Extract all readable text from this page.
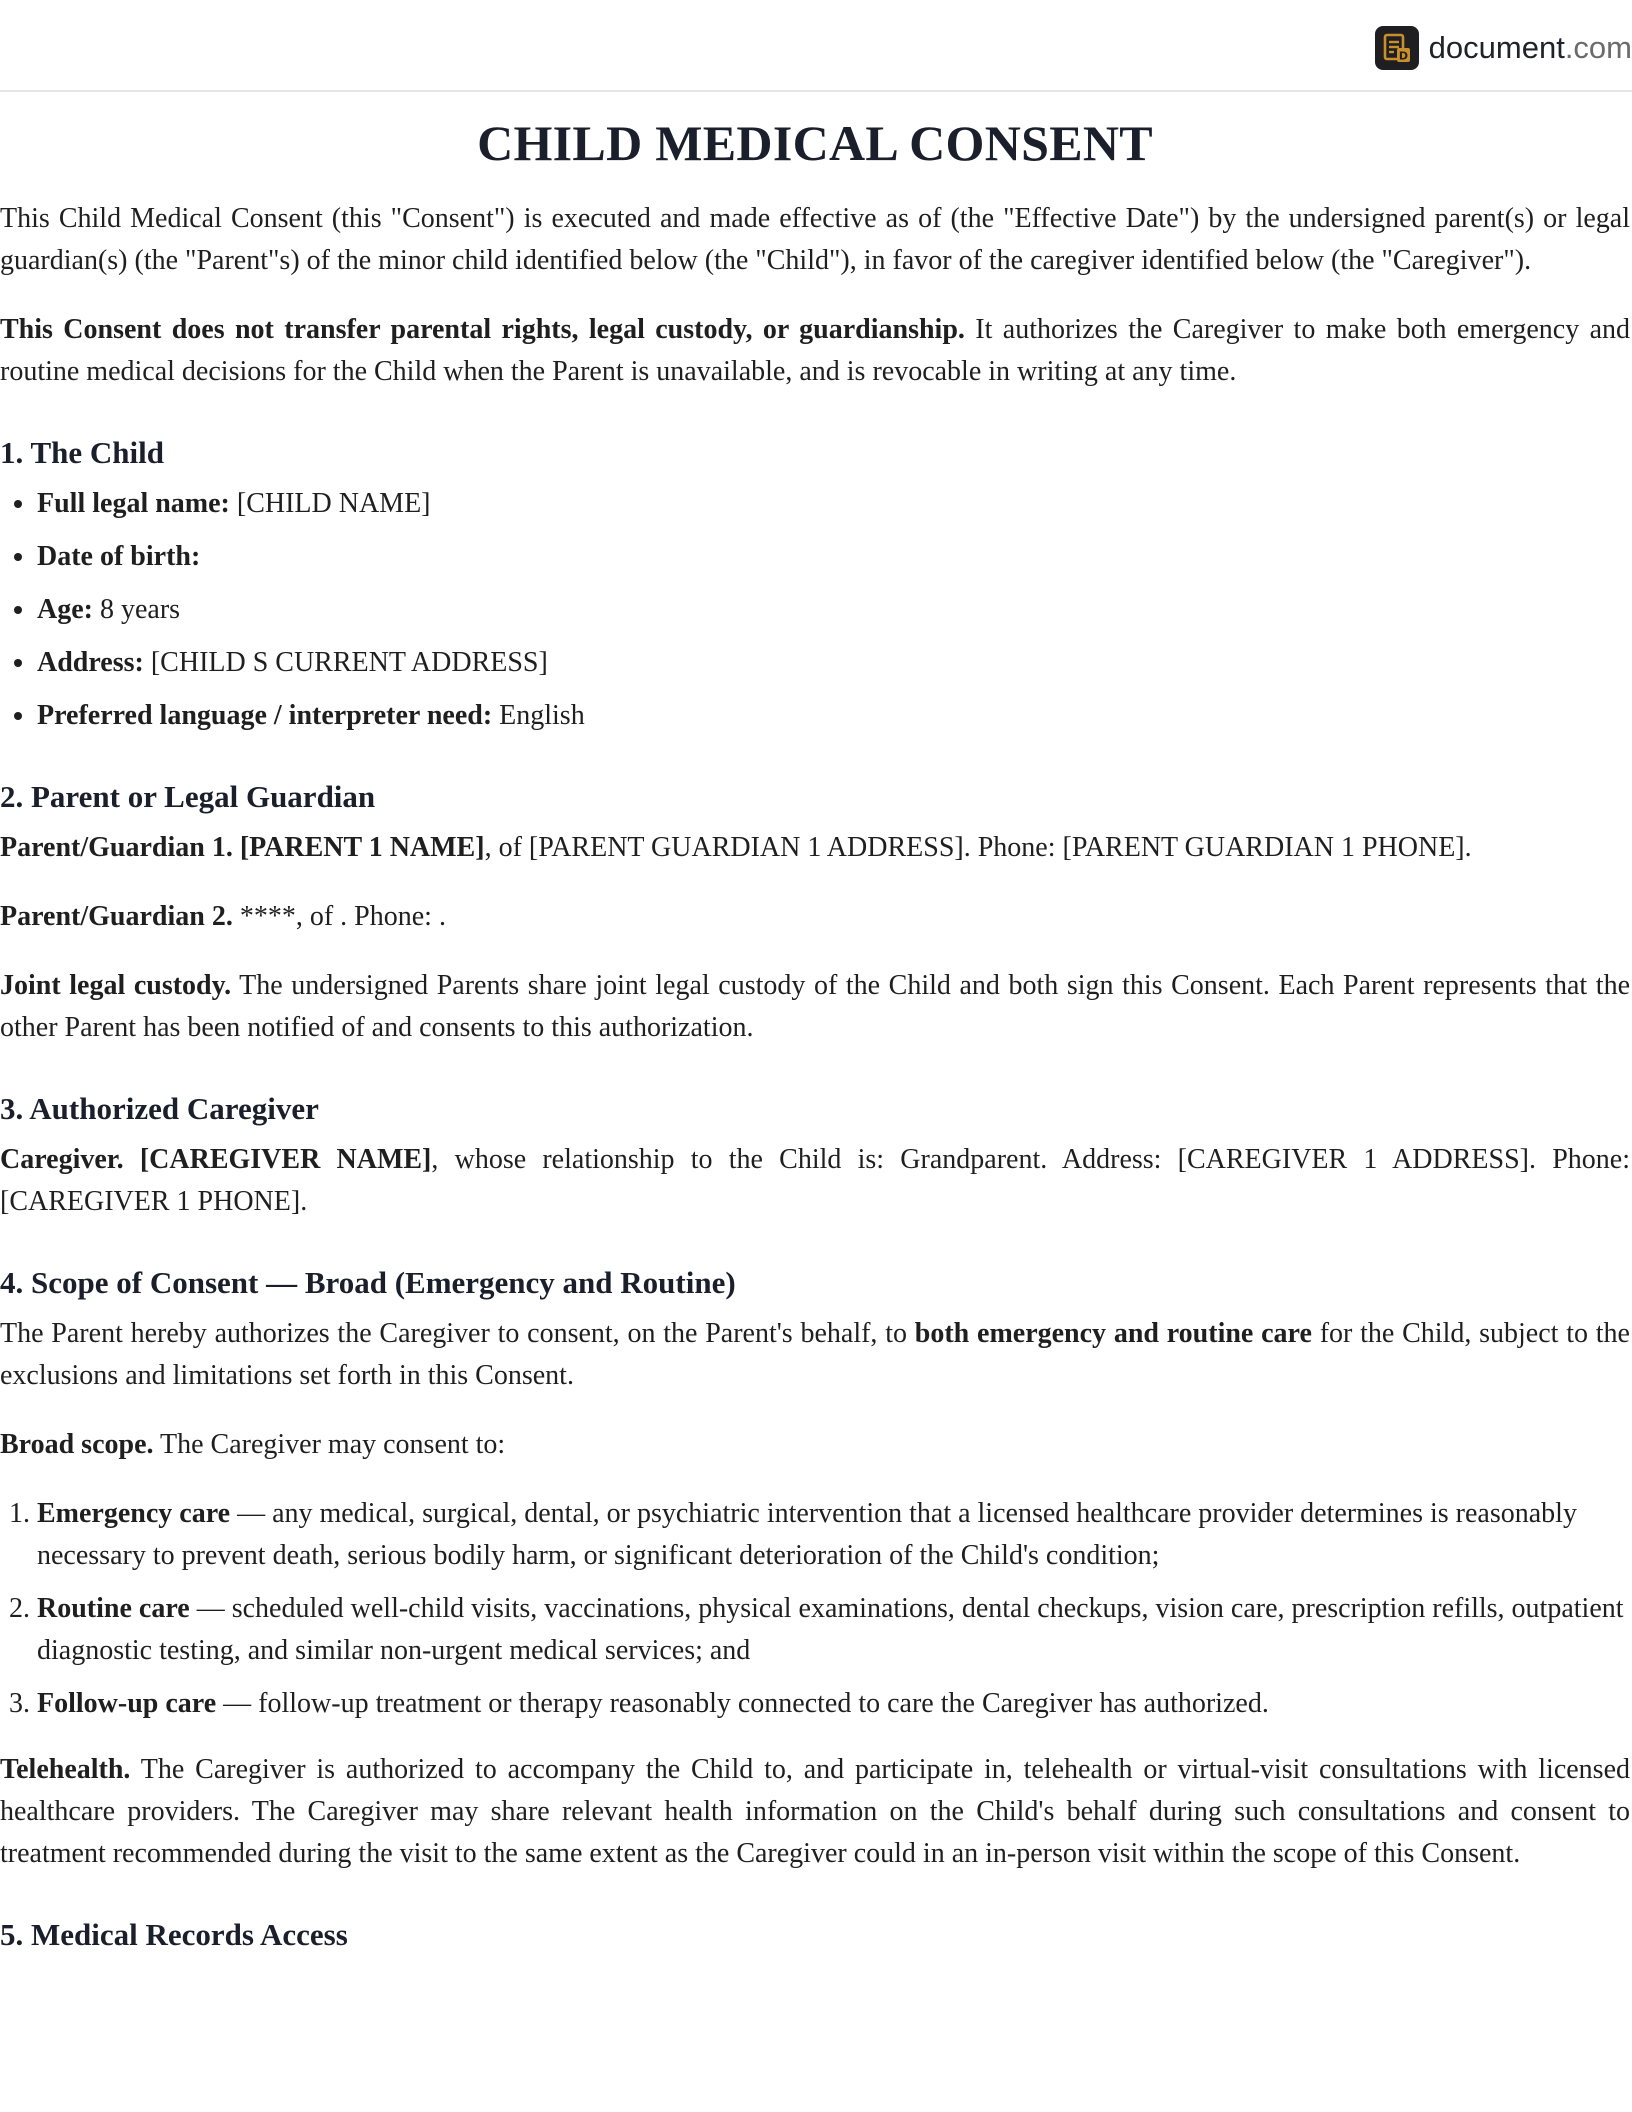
D document .com
CHILD MEDICAL CONSENT

This Child Medical Consent (this "Consent") is executed and made effective as of (the "Effective Date") by the undersigned parent(s) or legal guardian(s) (the "Parent"s) of the minor child identified below (the "Child"), in favor of the caregiver identified below (the "Caregiver").

This Consent does not transfer parental rights, legal custody, or guardianship. It authorizes the Caregiver to make both emergency and routine medical decisions for the Child when the Parent is unavailable, and is revocable in writing at any time.

1. The Child
• Full legal name: [CHILD NAME]
• Date of birth:
• Age: 8 years
• Address: [CHILD S CURRENT ADDRESS]
• Preferred language / interpreter need: English
2. Parent or Legal Guardian

Parent/Guardian 1. [PARENT 1 NAME], of [PARENT GUARDIAN 1 ADDRESS]. Phone: [PARENT GUARDIAN 1 PHONE].

Parent/Guardian 2. ****, of . Phone: .

Joint legal custody. The undersigned Parents share joint legal custody of the Child and both sign this Consent. Each Parent represents that the other Parent has been notified of and consents to this authorization.

3. Authorized Caregiver

Caregiver. [CAREGIVER NAME], whose relationship to the Child is: Grandparent. Address: [CAREGIVER 1 ADDRESS]. Phone: [CAREGIVER 1 PHONE].

4. Scope of Consent — Broad (Emergency and Routine)

The Parent hereby authorizes the Caregiver to consent, on the Parent's behalf, to both emergency and routine care for the Child, subject to the exclusions and limitations set forth in this Consent.

Broad scope. The Caregiver may consent to:

1. Emergency care — any medical, surgical, dental, or psychiatric intervention that a licensed healthcare provider determines is reasonably necessary to prevent death, serious bodily harm, or significant deterioration of the Child's condition;
2. Routine care — scheduled well-child visits, vaccinations, physical examinations, dental checkups, vision care, prescription refills, outpatient diagnostic testing, and similar non-urgent medical services; and
3. Follow-up care — follow-up treatment or therapy reasonably connected to care the Caregiver has authorized.

Telehealth. The Caregiver is authorized to accompany the Child to, and participate in, telehealth or virtual-visit consultations with licensed healthcare providers. The Caregiver may share relevant health information on the Child's behalf during such consultations and consent to treatment recommended during the visit to the same extent as the Caregiver could in an in-person visit within the scope of this Consent.

5. Medical Records Access
